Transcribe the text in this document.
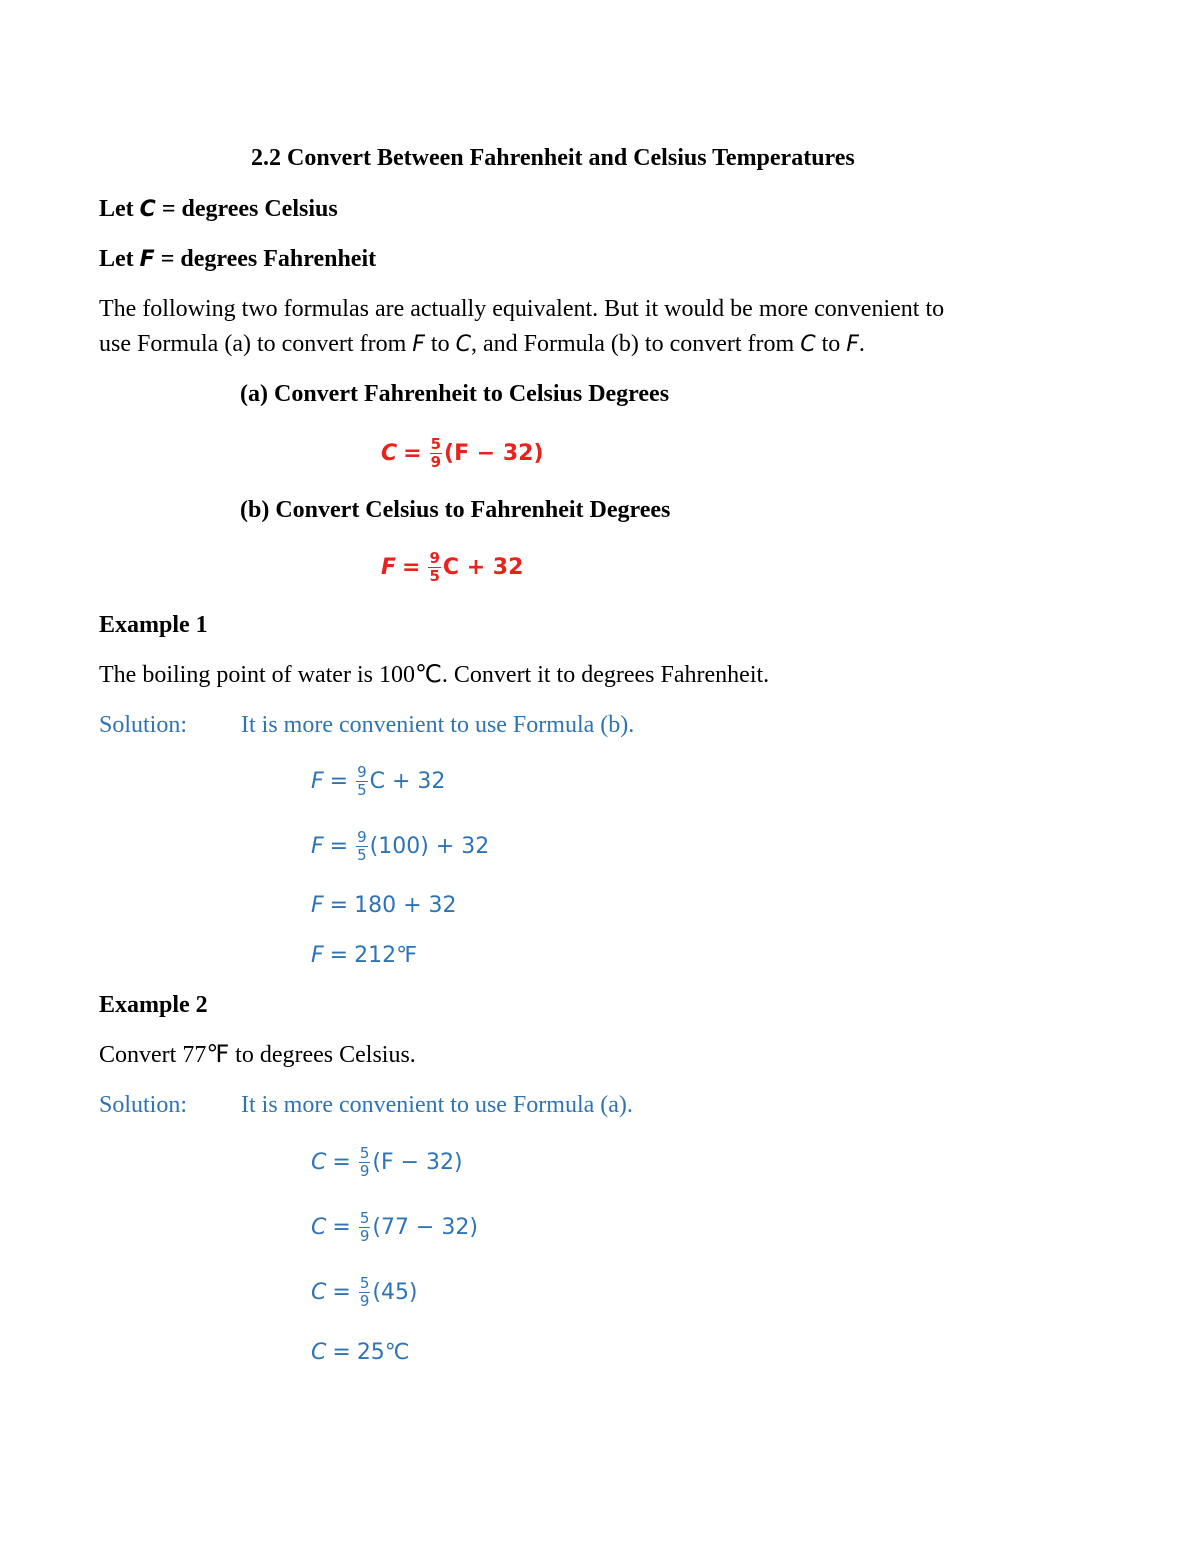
2.2 Convert Between Fahrenheit and Celsius Temperatures
Let C = degrees Celsius
Let F = degrees Fahrenheit
The following two formulas are actually equivalent. But it would be more convenient to
use Formula (a) to convert from F to C, and Formula (b) to convert from C to F.
(a) Convert Fahrenheit to Celsius Degrees
$C = \frac{5}{9} (F - 32)$
(b) Convert Celsius to Fahrenheit Degrees
$F = \frac{9}{5}$ C + 32
Example 1
The boiling point of water is 100℃. Convert it to degrees Fahrenheit.
Solution: It is more convenient to use Formula (b).
$F = \frac{9}{5}$ C + 32
$F = \frac{9}{5} (100) + 32$
F = 180 + 32
F = 212℉
Example 2
Convert 77℉ to degrees Celsius.
Solution: It is more convenient to use Formula (a).
$C = \frac{5}{9} (F - 32)$
$C = \frac{5}{9} (77 - 32)$
$C = \frac{5}{9} (45)$
C = 25℃
